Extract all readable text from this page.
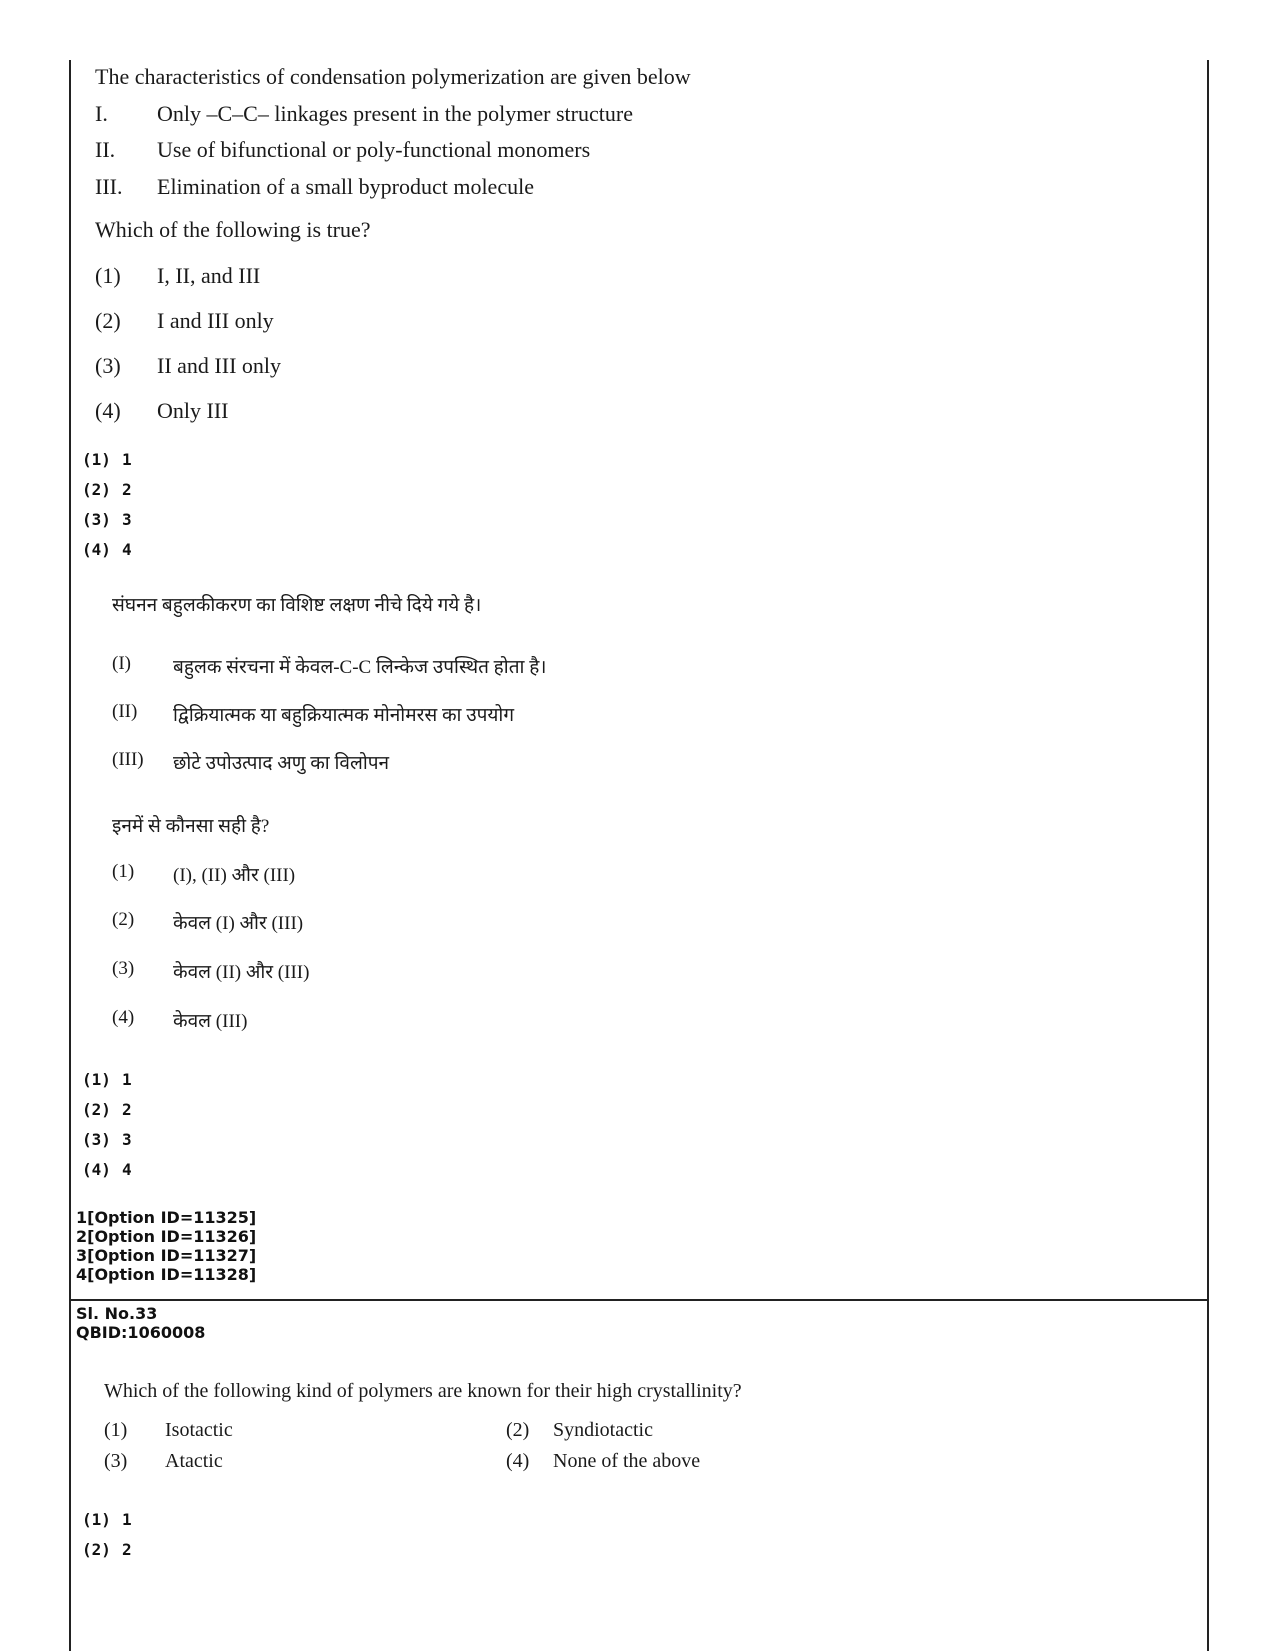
The characteristics of condensation polymerization are given below
I. Only –C–C– linkages present in the polymer structure
II. Use of bifunctional or poly-functional monomers
III. Elimination of a small byproduct molecule
Which of the following is true?
(1) I, II, and III
(2) I and III only
(3) II and III only
(4) Only III
(1) 1
(2) 2
(3) 3
(4) 4
संघनन बहुलकीकरण का विशिष्ट लक्षण नीचे दिये गये है।
(I) बहुलक संरचना में केवल-C-C लिन्केज उपस्थित होता है।
(II) द्विक्रियात्मक या बहुक्रियात्मक मोनोमरस का उपयोग
(III) छोटे उपोउत्पाद अणु का विलोपन
इनमें से कौनसा सही है?
(1) (I), (II) और (III)
(2) केवल (I) और (III)
(3) केवल (II) और (III)
(4) केवल (III)
(1) 1
(2) 2
(3) 3
(4) 4
1[Option ID=11325]
2[Option ID=11326]
3[Option ID=11327]
4[Option ID=11328]
Sl. No.33
QBID:1060008
Which of the following kind of polymers are known for their high crystallinity?
(1) Isotactic	(2) Syndiotactic
(3) Atactic	(4) None of the above
(1) 1
(2) 2
